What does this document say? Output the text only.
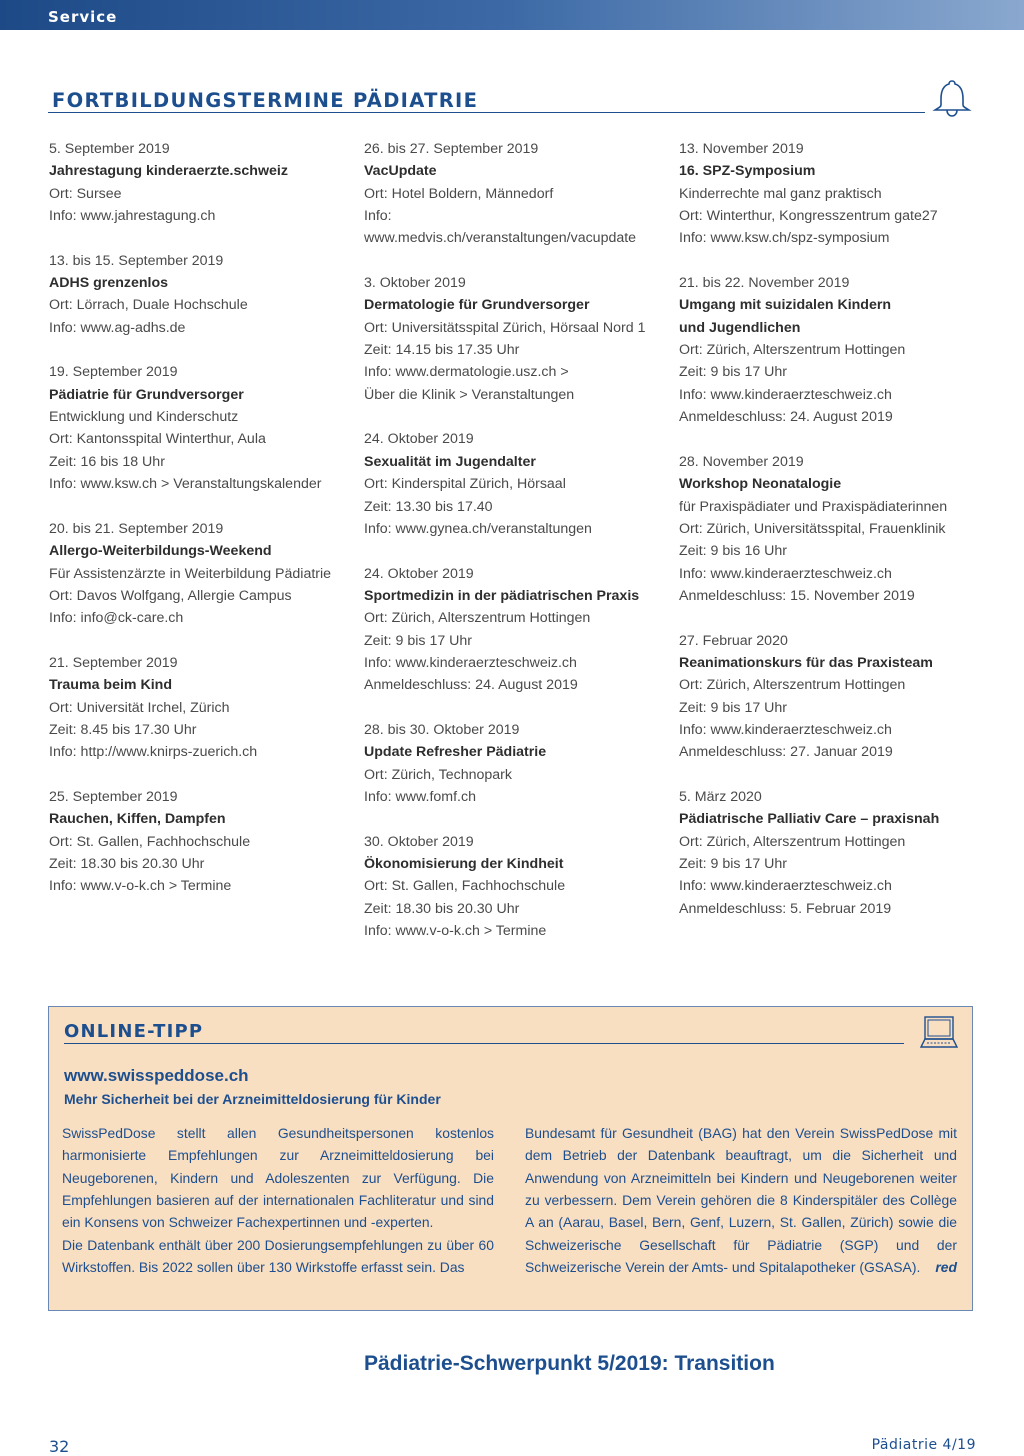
Service
FORTBILDUNGSTERMINE PÄDIATRIE
5. September 2019
Jahrestagung kinderaerzte.schweiz
Ort: Sursee
Info: www.jahrestagung.ch
13. bis 15. September 2019
ADHS grenzenlos
Ort: Lörrach, Duale Hochschule
Info: www.ag-adhs.de
19. September 2019
Pädiatrie für Grundversorger
Entwicklung und Kinderschutz
Ort: Kantonsspital Winterthur, Aula
Zeit: 16 bis 18 Uhr
Info: www.ksw.ch > Veranstaltungskalender
20. bis 21. September 2019
Allergo-Weiterbildungs-Weekend
Für Assistenzärzte in Weiterbildung Pädiatrie
Ort: Davos Wolfgang, Allergie Campus
Info: info@ck-care.ch
21. September 2019
Trauma beim Kind
Ort: Universität Irchel, Zürich
Zeit: 8.45 bis 17.30 Uhr
Info: http://www.knirps-zuerich.ch
25. September 2019
Rauchen, Kiffen, Dampfen
Ort: St. Gallen, Fachhochschule
Zeit: 18.30 bis 20.30 Uhr
Info: www.v-o-k.ch > Termine
26. bis 27. September 2019
VacUpdate
Ort: Hotel Boldern, Männedorf
Info:
www.medvis.ch/veranstaltungen/vacupdate
3. Oktober 2019
Dermatologie für Grundversorger
Ort: Universitätsspital Zürich, Hörsaal Nord 1
Zeit: 14.15 bis 17.35 Uhr
Info: www.dermatologie.usz.ch >
Über die Klinik > Veranstaltungen
24. Oktober 2019
Sexualität im Jugendalter
Ort: Kinderspital Zürich, Hörsaal
Zeit: 13.30 bis 17.40
Info: www.gynea.ch/veranstaltungen
24. Oktober 2019
Sportmedizin in der pädiatrischen Praxis
Ort: Zürich, Alterszentrum Hottingen
Zeit: 9 bis 17 Uhr
Info: www.kinderaerzteschweiz.ch
Anmeldeschluss: 24. August 2019
28. bis 30. Oktober 2019
Update Refresher Pädiatrie
Ort: Zürich, Technopark
Info: www.fomf.ch
30. Oktober 2019
Ökonomisierung der Kindheit
Ort: St. Gallen, Fachhochschule
Zeit: 18.30 bis 20.30 Uhr
Info: www.v-o-k.ch > Termine
13. November 2019
16. SPZ-Symposium
Kinderrechte mal ganz praktisch
Ort: Winterthur, Kongresszentrum gate27
Info: www.ksw.ch/spz-symposium
21. bis 22. November 2019
Umgang mit suizidalen Kindern
und Jugendlichen
Ort: Zürich, Alterszentrum Hottingen
Zeit: 9 bis 17 Uhr
Info: www.kinderaerzteschweiz.ch
Anmeldeschluss: 24. August 2019
28. November 2019
Workshop Neonatalogie
für Praxispädiater und Praxispädiaterinnen
Ort: Zürich, Universitätsspital, Frauenklinik
Zeit: 9 bis 16 Uhr
Info: www.kinderaerzteschweiz.ch
Anmeldeschluss: 15. November 2019
27. Februar 2020
Reanimationskurs für das Praxisteam
Ort: Zürich, Alterszentrum Hottingen
Zeit: 9 bis 17 Uhr
Info: www.kinderaerzteschweiz.ch
Anmeldeschluss: 27. Januar 2019
5. März 2020
Pädiatrische Palliativ Care – praxisnah
Ort: Zürich, Alterszentrum Hottingen
Zeit: 9 bis 17 Uhr
Info: www.kinderaerzteschweiz.ch
Anmeldeschluss: 5. Februar 2019
ONLINE-TIPP
www.swisspeddose.ch
Mehr Sicherheit bei der Arzneimitteldosierung für Kinder

SwissPedDose stellt allen Gesundheitspersonen kostenlos harmonisierte Empfehlungen zur Arzneimitteldosierung bei Neugeborenen, Kindern und Adoleszenten zur Verfügung. Die Empfehlungen basieren auf der internationalen Fachliteratur und sind ein Konsens von Schweizer Fachexpertinnen und -experten.

Die Datenbank enthält über 200 Dosierungsempfehlungen zu über 60 Wirkstoffen. Bis 2022 sollen über 130 Wirkstoffe erfasst sein. Das

Bundesamt für Gesundheit (BAG) hat den Verein SwissPedDose mit dem Betrieb der Datenbank beauftragt, um die Sicherheit und Anwendung von Arzneimitteln bei Kindern und Neugeborenen weiter zu verbessern. Dem Verein gehören die 8 Kinderspitäler des Collège A an (Aarau, Basel, Bern, Genf, Luzern, St. Gallen, Zürich) sowie die Schweizerische Gesellschaft für Pädiatrie (SGP) und der Schweizerische Verein der Amts- und Spitalapotheker (GSASA). red

Pädiatrie-Schwerpunkt 5/2019: Transition
32	Pädiatrie 4/19
